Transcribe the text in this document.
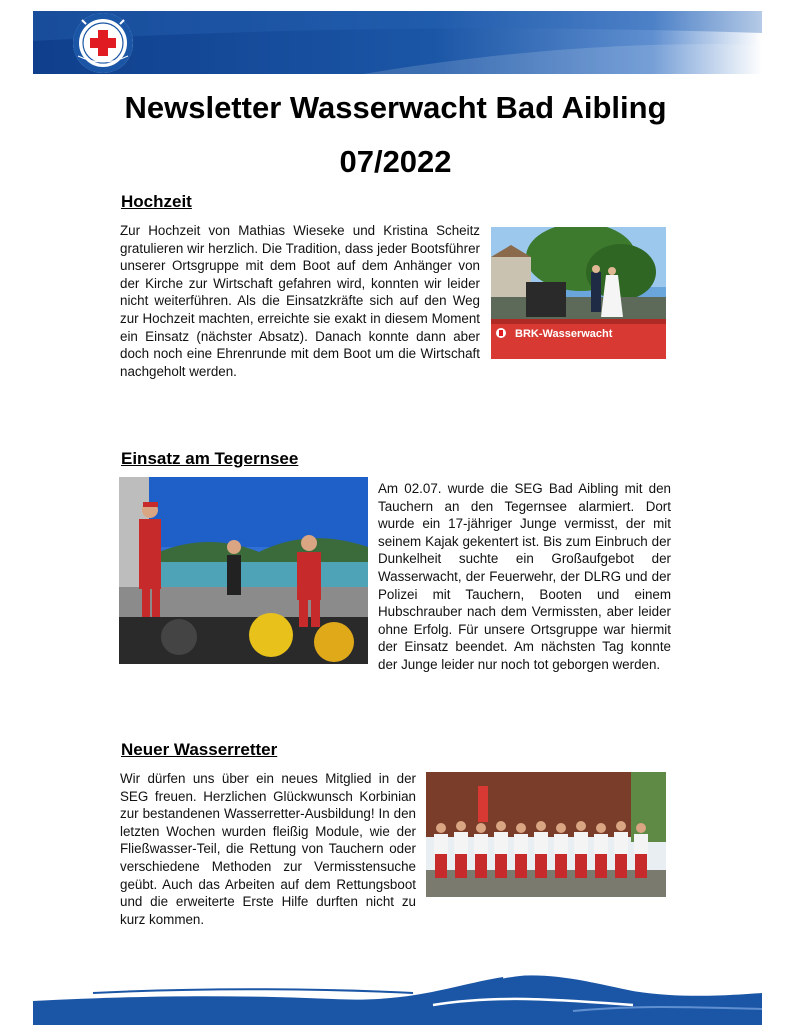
Newsletter Wasserwacht Bad Aibling
07/2022
Hochzeit

Zur Hochzeit von Mathias Wieseke und Kristina Scheitz gratulieren wir herzlich. Die Tradition, dass jeder Bootsführer unserer Ortsgruppe mit dem Boot auf dem Anhänger von der Kirche zur Wirtschaft gefahren wird, konnten wir leider nicht weiterführen. Als die Einsatzkräfte sich auf den Weg zur Hochzeit machten, erreichte sie exakt in diesem Moment ein Einsatz (nächster Absatz). Danach konnte dann aber doch noch eine Ehrenrunde mit dem Boot um die Wirtschaft nachgeholt werden.

BRK-Wasserwacht
Einsatz am Tegernsee

Am 02.07. wurde die SEG Bad Aibling mit den Tauchern an den Tegernsee alarmiert. Dort wurde ein 17-jähriger Junge vermisst, der mit seinem Kajak gekentert ist. Bis zum Einbruch der Dunkelheit suchte ein Großaufgebot der Wasserwacht, der Feuerwehr, der DLRG und der Polizei mit Tauchern, Booten und einem Hubschrauber nach dem Vermissten, aber leider ohne Erfolg. Für unsere Ortsgruppe war hiermit der Einsatz beendet. Am nächsten Tag konnte der Junge leider nur noch tot geborgen werden.

Neuer Wasserretter

Wir dürfen uns über ein neues Mitglied in der SEG freuen. Herzlichen Glückwunsch Korbinian zur bestandenen Wasserretter-Ausbildung! In den letzten Wochen wurden fleißig Module, wie der Fließwasser-Teil, die Rettung von Tauchern oder verschiedene Methoden zur Vermisstensuche geübt. Auch das Arbeiten auf dem Rettungsboot und die erweiterte Erste Hilfe durften nicht zu kurz kommen.
